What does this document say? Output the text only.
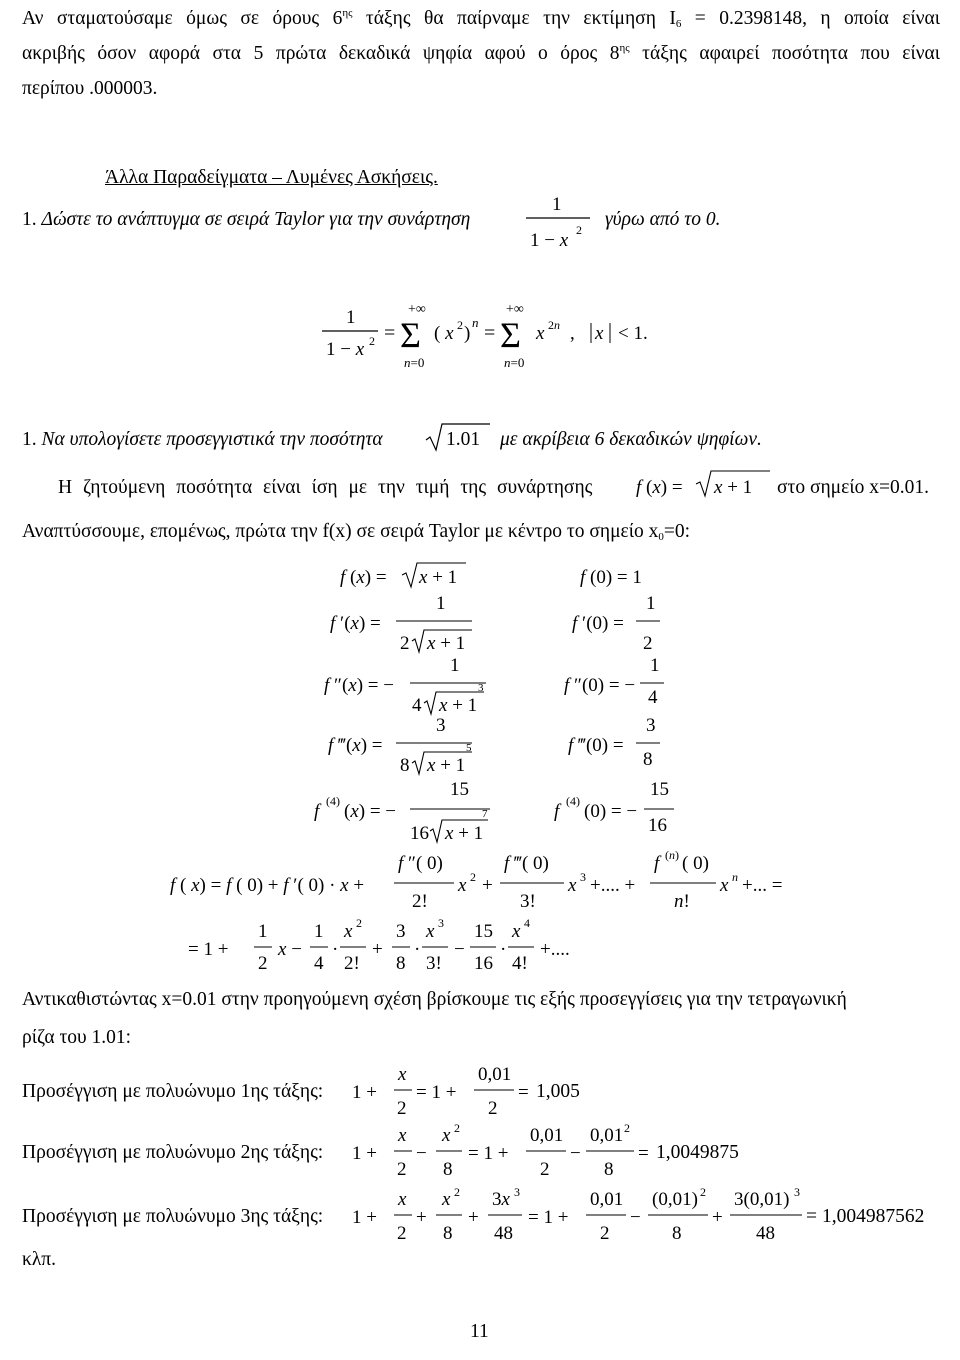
Αν σταματούσαμε όμως σε όρους $6^{\eta\varsigma}$ τάξης θα παίρναμε την εκτίμηση $I_6 = 0.2398148$, η οποία είναι
ακριβής όσον αφορά στα 5 πρώτα δεκαδικά ψηφία αφού ο όρος $8^{\eta\varsigma}$ τάξης αφαιρεί ποσότητα που είναι
περίπου .000003.
Άλλα Παραδείγματα – Λυμένες Ασκήσεις.
1. Δώστε το ανάπτυγμα σε σειρά Taylor για την συνάρτηση
1
1 − x 2 γύρω από το 0.
1
1 − x 2 =
+∞
Σ
n=0
( x 2 )
n =
+∞
Σ
n=0
x 2n , x < 1.
1. Να υπολογίσετε προσεγγιστικά την ποσότητα	1.01 με ακρίβεια 6 δεκαδικών ψηφίων.
Η ζητούμενη ποσότητα είναι ίση με την τιμή της συνάρτησης f (x) = x + 1 στο σημείο x=0.01.
Αναπτύσσουμε, επομένως, πρώτα την f(x) σε σειρά Taylor με κέντρο το σημείο $x_0=0$:
f (x) = x + 1	f (0) = 1
1
f ′(x) =
2 x + 1
1
f ′(0) =
2
1
f ″(x) = −
4
3
x + 1
1
f ″(0) = −
4
3
f ‴(x) =
8
5
x + 1
3
f ‴(0) =
8
15
f (4) (x) = −
16
7
x + 1
15
f (4) (0) = −
16
f ( x) = f ( 0) + f ′( 0) · x +
f ″( 0)
2!
x 2 +
f ‴( 0)
3!
x 3 +.... +
f (n) ( 0)
n!
x n +... =
= 1 +
1
2
x −
1
4
·
x 2
2!
+
3
8
·
x 3
3!
−
15
16
·
x 4
4!
+....
Αντικαθιστώντας x=0.01 στην προηγούμενη σχέση βρίσκουμε τις εξής προσεγγίσεις για την τετραγωνική
ρίζα του 1.01:
Προσέγγιση με πολυώνυμο 1ης τάξης: 1 +
x
2
= 1 +
0,01
2
= 1,005
Προσέγγιση με πολυώνυμο 2ης τάξης: 1 +
x
2
−
x 2
8
= 1 +
0,01
2
−
0,01 2
8
= 1,0049875
Προσέγγιση με πολυώνυμο 3ης τάξης: 1 +
x
2
+
x 2
8
+
3x 3
48
= 1 +
0,01
2
−
(0,01) 2
8
+
3(0,01) 3
48
= 1,004987562
κλπ.
11
